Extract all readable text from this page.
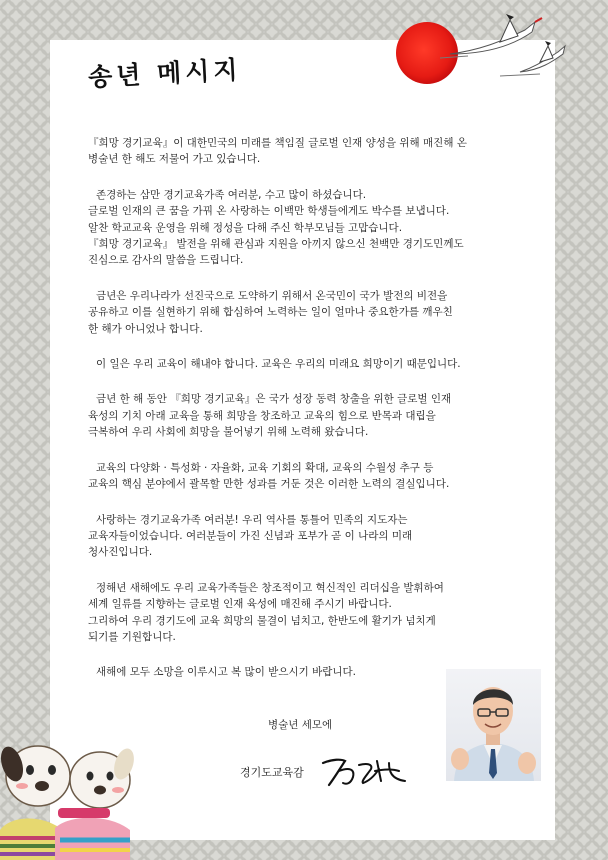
송년 메시지

『희망 경기교육』이 대한민국의 미래를 책임질 글로벌 인재 양성을 위해 매진해 온
병술년 한 해도 저물어 가고 있습니다.

존경하는 삼만 경기교육가족 여러분, 수고 많이 하셨습니다.
글로벌 인재의 큰 꿈을 가꿔 온 사랑하는 이백만 학생들에게도 박수를 보냅니다.
알찬 학교교육 운영을 위해 정성을 다해 주신 학부모님들 고맙습니다.
『희망 경기교육』 발전을 위해 관심과 지원을 아끼지 않으신 천백만 경기도민께도
진심으로 감사의 말씀을 드립니다.

금년은 우리나라가 선진국으로 도약하기 위해서 온국민이 국가 발전의 비전을
공유하고 이를 실현하기 위해 합심하여 노력하는 일이 얼마나 중요한가를 깨우친
한 해가 아니었나 합니다.

이 일은 우리 교육이 해내야 합니다. 교육은 우리의 미래요 희망이기 때문입니다.

금년 한 해 동안 『희망 경기교육』은 국가 성장 동력 창출을 위한 글로벌 인재
육성의 기치 아래 교육을 통해 희망을 창조하고 교육의 힘으로 반목과 대립을
극복하여 우리 사회에 희망을 불어넣기 위해 노력해 왔습니다.

교육의 다양화 · 특성화 · 자율화, 교육 기회의 확대, 교육의 수월성 추구 등
교육의 핵심 분야에서 괄목할 만한 성과를 거둔 것은 이러한 노력의 결실입니다.

사랑하는 경기교육가족 여러분! 우리 역사를 통틀어 민족의 지도자는
교육자들이었습니다. 여러분들이 가진 신념과 포부가 곧 이 나라의 미래
청사진입니다.

정해년 새해에도 우리 교육가족들은 창조적이고 혁신적인 리더십을 발휘하여
세계 일류를 지향하는 글로벌 인재 육성에 매진해 주시기 바랍니다.
그리하여 우리 경기도에 교육 희망의 물결이 넘치고, 한반도에 활기가 넘치게
되기를 기원합니다.

새해에 모두 소망을 이루시고 복 많이 받으시기 바랍니다.

병술년 세모에
경기도교육감
